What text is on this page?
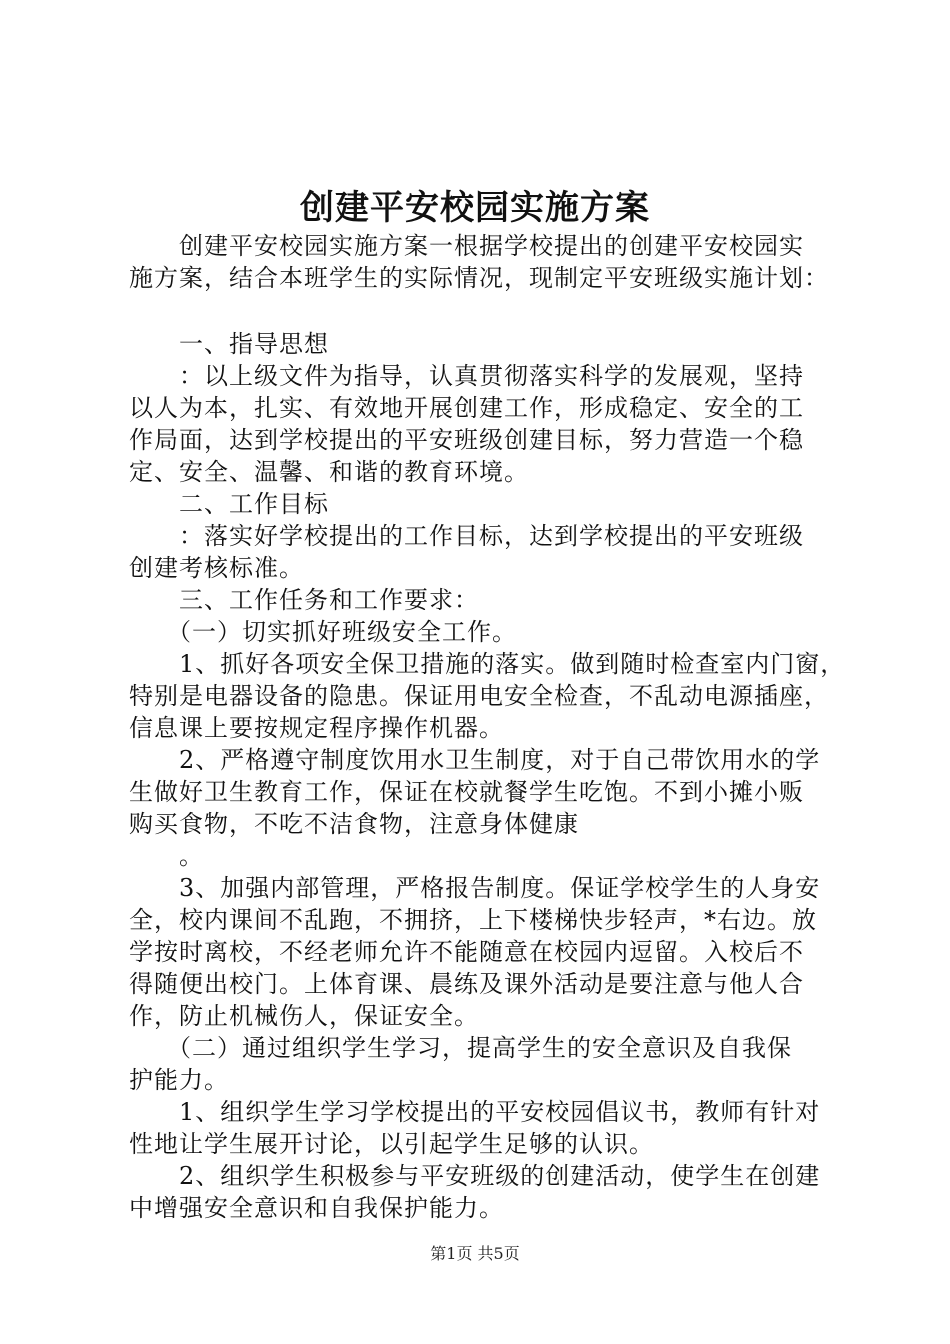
创建平安校园实施方案
　　创建平安校园实施方案一根据学校提出的创建平安校园实
施方案，结合本班学生的实际情况，现制定平安班级实施计划：
　　一、指导思想
　　：以上级文件为指导，认真贯彻落实科学的发展观，坚持
以人为本，扎实、有效地开展创建工作，形成稳定、安全的工
作局面，达到学校提出的平安班级创建目标，努力营造一个稳
定、安全、温馨、和谐的教育环境。
　　二、工作目标
　　：落实好学校提出的工作目标，达到学校提出的平安班级
创建考核标准。
　　三、工作任务和工作要求：
　　（一）切实抓好班级安全工作。
　　1、抓好各项安全保卫措施的落实。做到随时检查室内门窗，
特别是电器设备的隐患。保证用电安全检查，不乱动电源插座，
信息课上要按规定程序操作机器。
　　2、严格遵守制度饮用水卫生制度，对于自己带饮用水的学
生做好卫生教育工作，保证在校就餐学生吃饱。不到小摊小贩
购买食物，不吃不洁食物，注意身体健康
　　。
　　3、加强内部管理，严格报告制度。保证学校学生的人身安
全，校内课间不乱跑，不拥挤，上下楼梯快步轻声，*右边。放
学按时离校，不经老师允许不能随意在校园内逗留。入校后不
得随便出校门。上体育课、晨练及课外活动是要注意与他人合
作，防止机械伤人，保证安全。
　　（二）通过组织学生学习，提高学生的安全意识及自我保
护能力。
　　1、组织学生学习学校提出的平安校园倡议书，教师有针对
性地让学生展开讨论，以引起学生足够的认识。
　　2、组织学生积极参与平安班级的创建活动，使学生在创建
中增强安全意识和自我保护能力。
第1页 共5页
